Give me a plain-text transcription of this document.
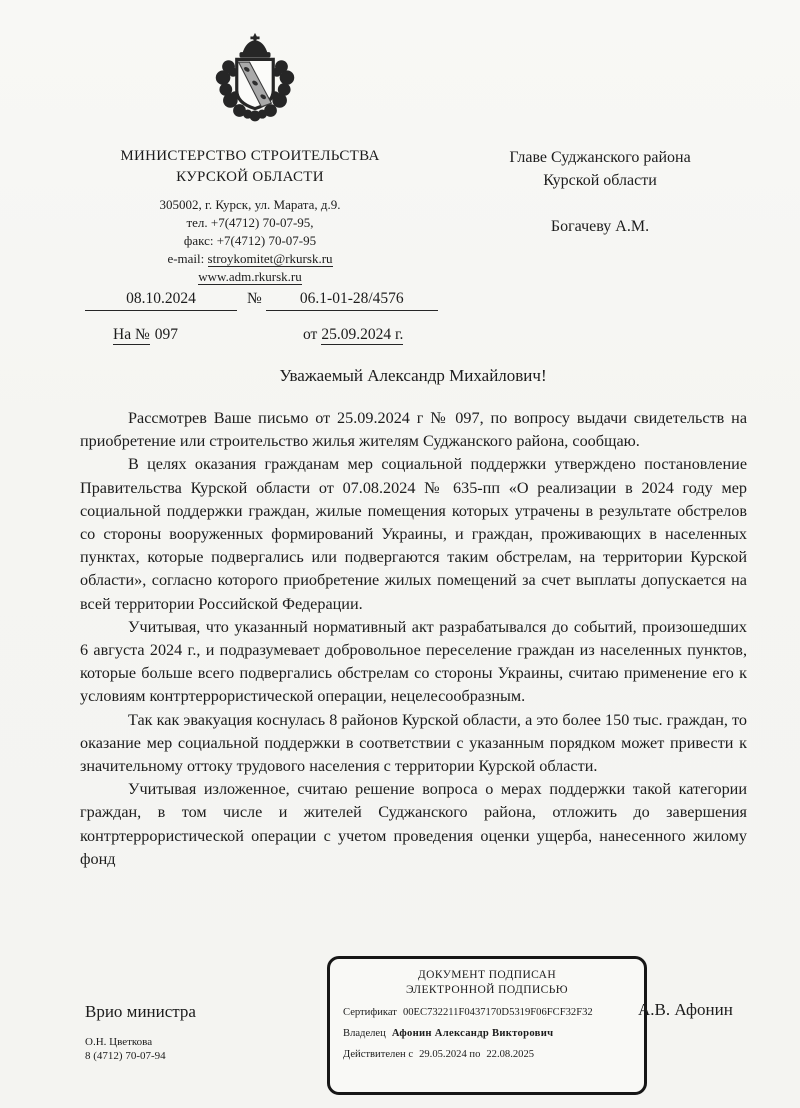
МИНИСТЕРСТВО СТРОИТЕЛЬСТВА
КУРСКОЙ ОБЛАСТИ
305002, г. Курск, ул. Марата, д.9.
тел. +7(4712) 70-07-95,
факс: +7(4712) 70-07-95
e-mail: stroykomitet@rkursk.ru
www.adm.rkursk.ru
Главе Суджанского района
Курской области
Богачеву А.М.
08.10.2024	№ 06.1-01-28/4576
На № 097	от 25.09.2024 г.
Уважаемый Александр Михайлович!

Рассмотрев Ваше письмо от 25.09.2024 г № 097, по вопросу выдачи свидетельств на приобретение или строительство жилья жителям Суджанского района, сообщаю.

В целях оказания гражданам мер социальной поддержки утверждено постановление Правительства Курской области от 07.08.2024 № 635-пп «О реализации в 2024 году мер социальной поддержки граждан, жилые помещения которых утрачены в результате обстрелов со стороны вооруженных формирований Украины, и граждан, проживающих в населенных пунктах, которые подвергались или подвергаются таким обстрелам, на территории Курской области», согласно которого приобретение жилых помещений за счет выплаты допускается на всей территории Российской Федерации.

Учитывая, что указанный нормативный акт разрабатывался до событий, произошедших 6 августа 2024 г., и подразумевает добровольное переселение граждан из населенных пунктов, которые больше всего подвергались обстрелам со стороны Украины, считаю применение его к условиям контртеррористической операции, нецелесообразным.

Так как эвакуация коснулась 8 районов Курской области, а это более 150 тыс. граждан, то оказание мер социальной поддержки в соответствии с указанным порядком может привести к значительному оттоку трудового населения с территории Курской области.

Учитывая изложенное, считаю решение вопроса о мерах поддержки такой категории граждан, в том числе и жителей Суджанского района, отложить до завершения контртеррористической операции с учетом проведения оценки ущерба, нанесенного жилому фонд

ДОКУМЕНТ ПОДПИСАН
ЭЛЕКТРОННОЙ ПОДПИСЬЮ
Сертификат 00EC732211F0437170D5319F06FCF32F32
Владелец Афонин Александр Викторович
Действителен с 29.05.2024 по 22.08.2025
Врио министра
О.Н. Цветкова
8 (4712) 70-07-94
А.В. Афонин
